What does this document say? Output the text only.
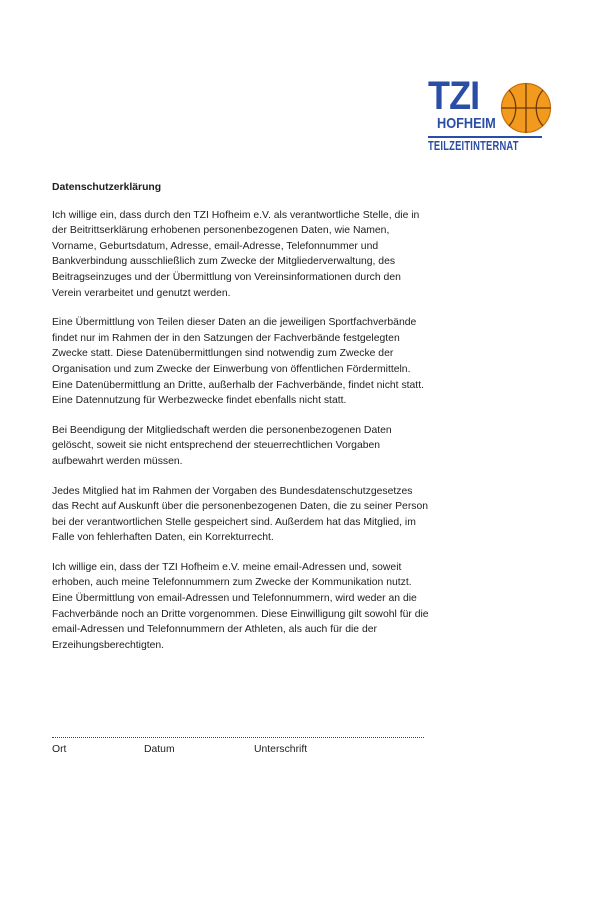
TZI
HOFHEIM
TEILZEITINTERNAT
Datenschutzerklärung

Ich willige ein, dass durch den TZI Hofheim e.V. als verantwortliche Stelle, die in der Beitrittserklärung erhobenen personenbezogenen Daten, wie Namen, Vorname, Geburtsdatum, Adresse, email-Adresse, Telefonnummer und Bankverbindung ausschließlich zum Zwecke der Mitgliederverwaltung, des Beitragseinzuges und der Übermittlung von Vereinsinformationen durch den Verein verarbeitet und genutzt werden.

Eine Übermittlung von Teilen dieser Daten an die jeweiligen Sportfachverbände findet nur im Rahmen der in den Satzungen der Fachverbände festgelegten Zwecke statt. Diese Datenübermittlungen sind notwendig zum Zwecke der Organisation und zum Zwecke der Einwerbung von öffentlichen Fördermitteln. Eine Datenübermittlung an Dritte, außerhalb der Fachverbände, findet nicht statt. Eine Datennutzung für Werbezwecke findet ebenfalls nicht statt.

Bei Beendigung der Mitgliedschaft werden die personenbezogenen Daten gelöscht, soweit sie nicht entsprechend der steuerrechtlichen Vorgaben aufbewahrt werden müssen.

Jedes Mitglied hat im Rahmen der Vorgaben des Bundesdatenschutzgesetzes das Recht auf Auskunft über die personenbezogenen Daten, die zu seiner Person bei der verantwortlichen Stelle gespeichert sind. Außerdem hat das Mitglied, im Falle von fehlerhaften Daten, ein Korrekturrecht.

Ich willige ein, dass der TZI Hofheim e.V. meine email-Adressen und, soweit erhoben, auch meine Telefonnummern zum Zwecke der Kommunikation nutzt. Eine Übermittlung von email-Adressen und Telefonnummern, wird weder an die Fachverbände noch an Dritte vorgenommen. Diese Einwilligung gilt sowohl für die email-Adressen und Telefonnummern der Athleten, als auch für die der Erzeihungsberechtigten.

Ort	Datum	Unterschrift
